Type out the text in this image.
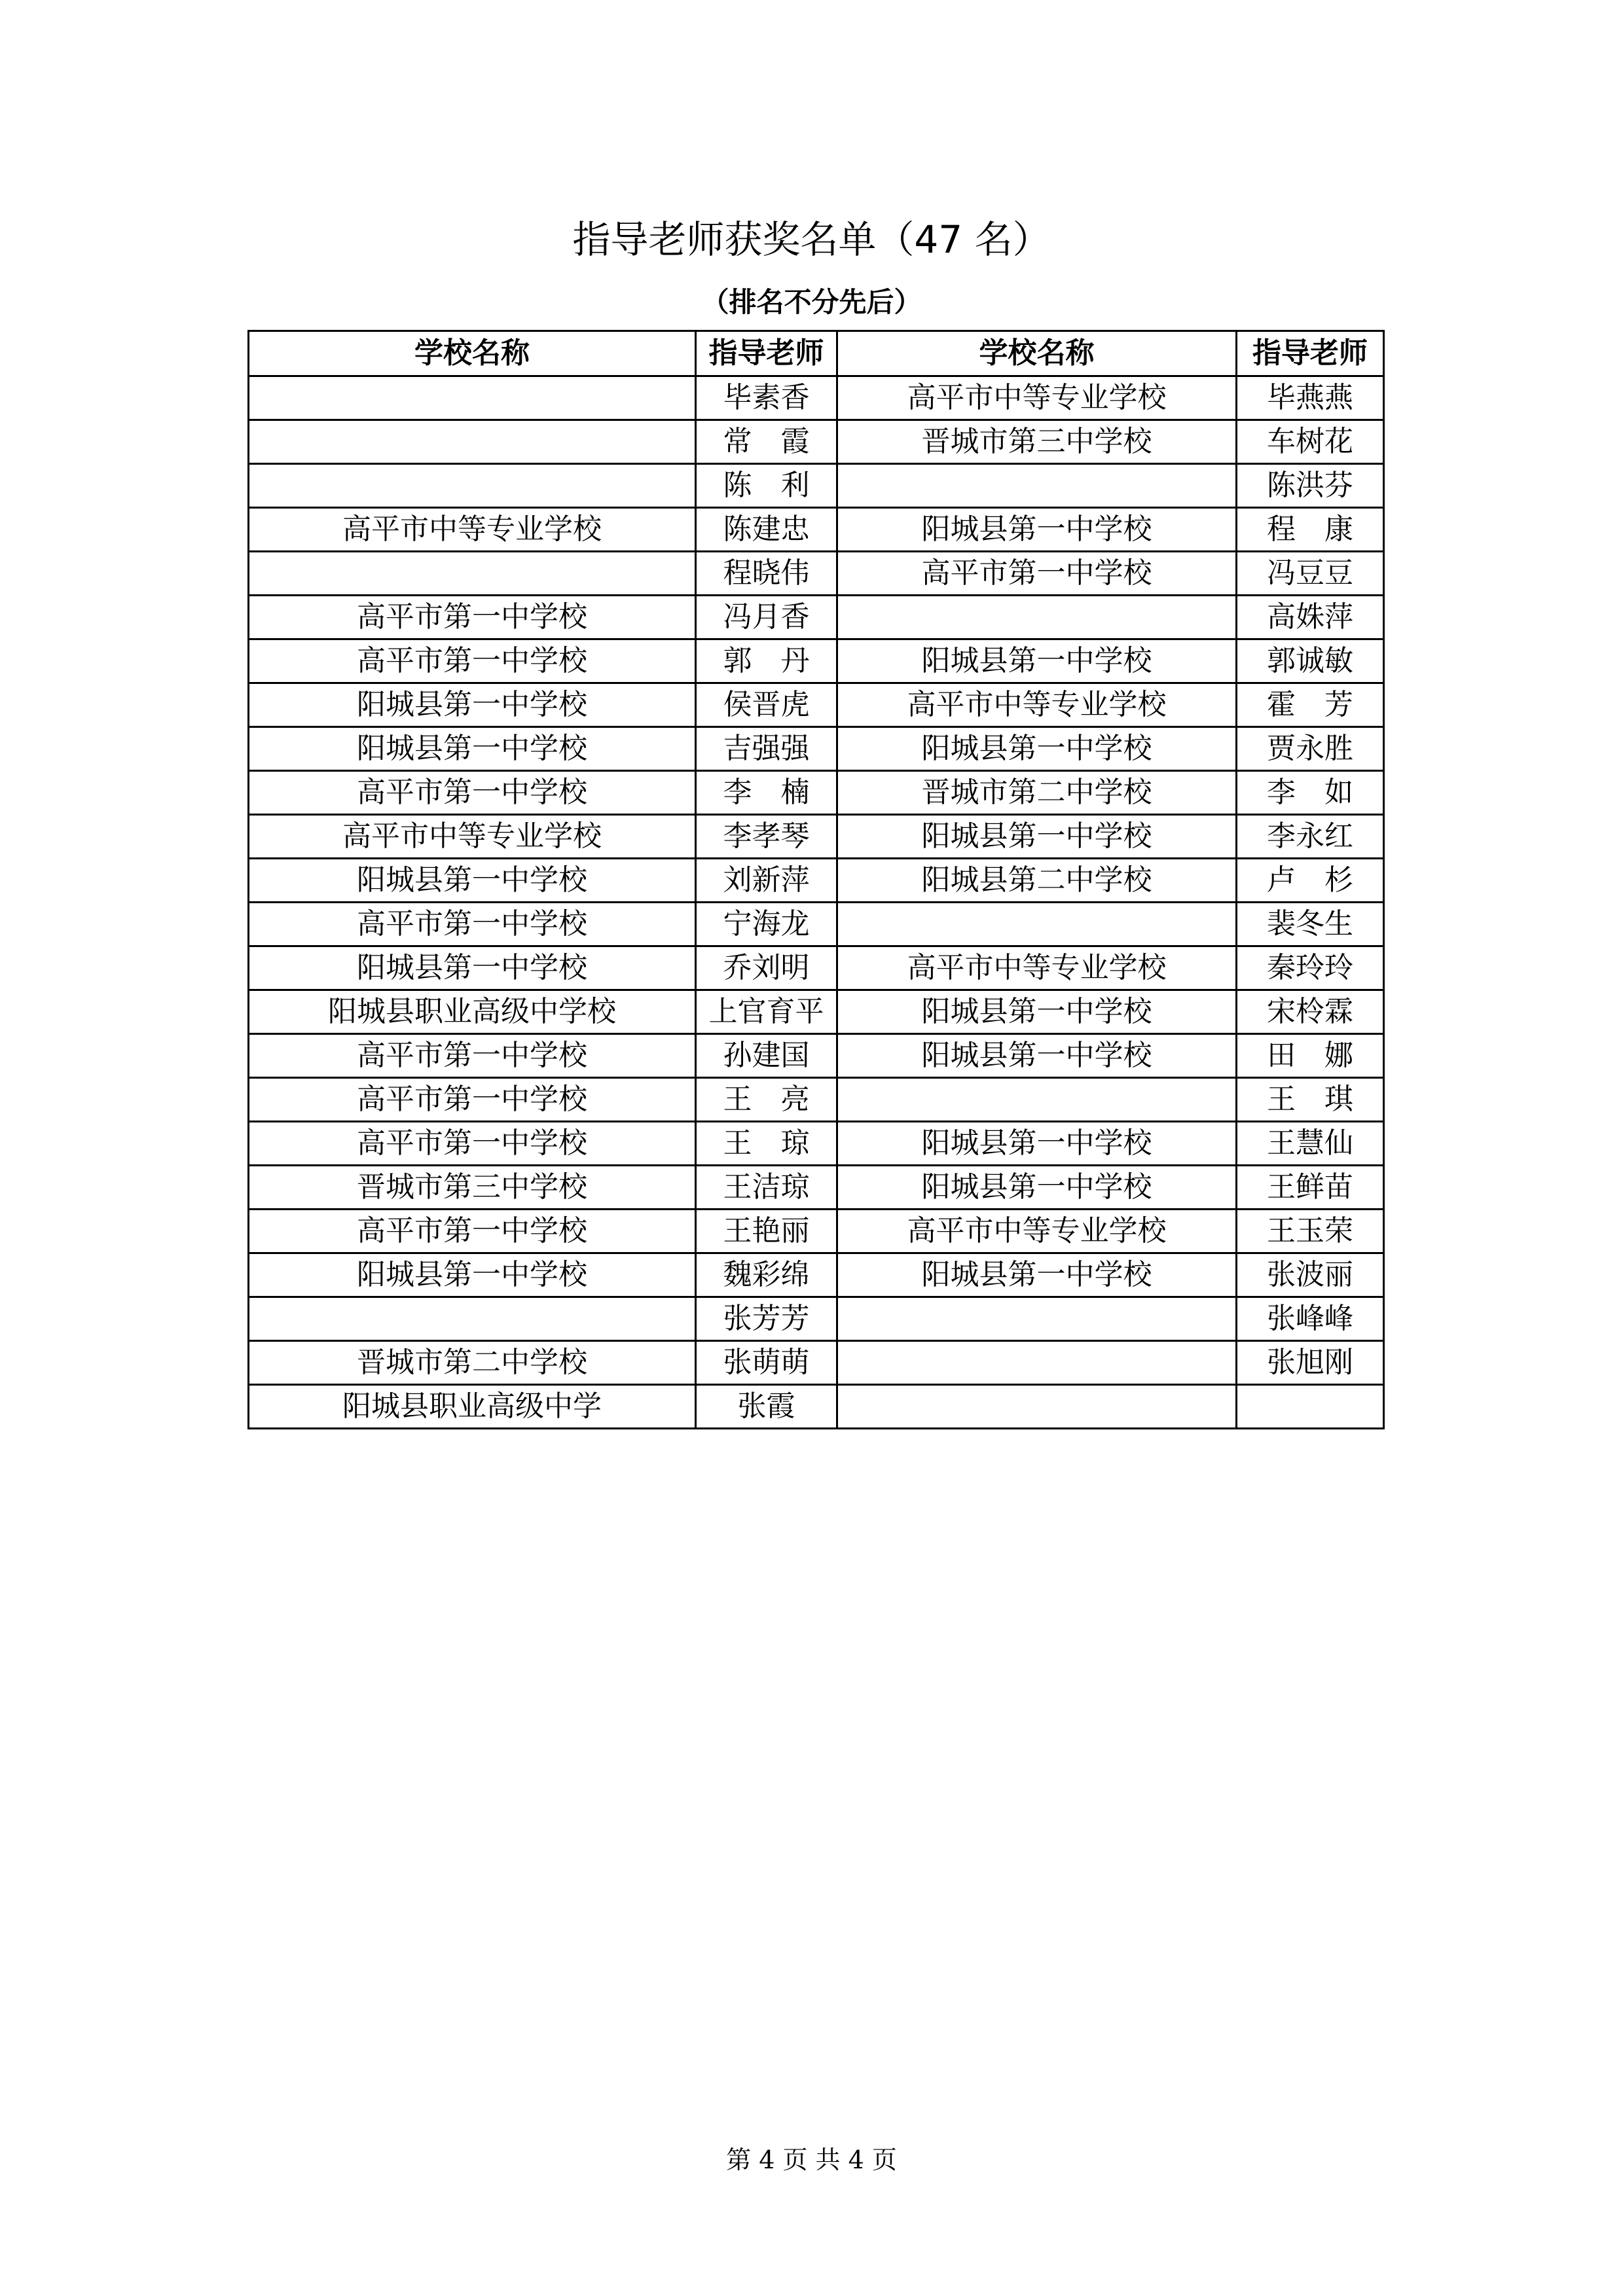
指导老师获奖名单（47 名）
（排名不分先后）
学校名称	指导老师	学校名称	指导老师
	毕素香	高平市中等专业学校	毕燕燕
	常　霞	晋城市第三中学校	车树花
	陈　利		陈洪芬
高平市中等专业学校	陈建忠	阳城县第一中学校	程　康
	程晓伟	高平市第一中学校	冯豆豆
高平市第一中学校	冯月香		高姝萍
高平市第一中学校	郭　丹	阳城县第一中学校	郭诚敏
阳城县第一中学校	侯晋虎	高平市中等专业学校	霍　芳
阳城县第一中学校	吉强强	阳城县第一中学校	贾永胜
高平市第一中学校	李　楠	晋城市第二中学校	李　如
高平市中等专业学校	李孝琴	阳城县第一中学校	李永红
阳城县第一中学校	刘新萍	阳城县第二中学校	卢　杉
高平市第一中学校	宁海龙		裴冬生
阳城县第一中学校	乔刘明	高平市中等专业学校	秦玲玲
阳城县职业高级中学校	上官育平	阳城县第一中学校	宋柃霖
高平市第一中学校	孙建国	阳城县第一中学校	田　娜
高平市第一中学校	王　亮		王　琪
高平市第一中学校	王　琼	阳城县第一中学校	王慧仙
晋城市第三中学校	王洁琼	阳城县第一中学校	王鲜苗
高平市第一中学校	王艳丽	高平市中等专业学校	王玉荣
阳城县第一中学校	魏彩绵	阳城县第一中学校	张波丽
	张芳芳		张峰峰
晋城市第二中学校	张萌萌		张旭刚
阳城县职业高级中学	张霞		
第 4 页 共 4 页
